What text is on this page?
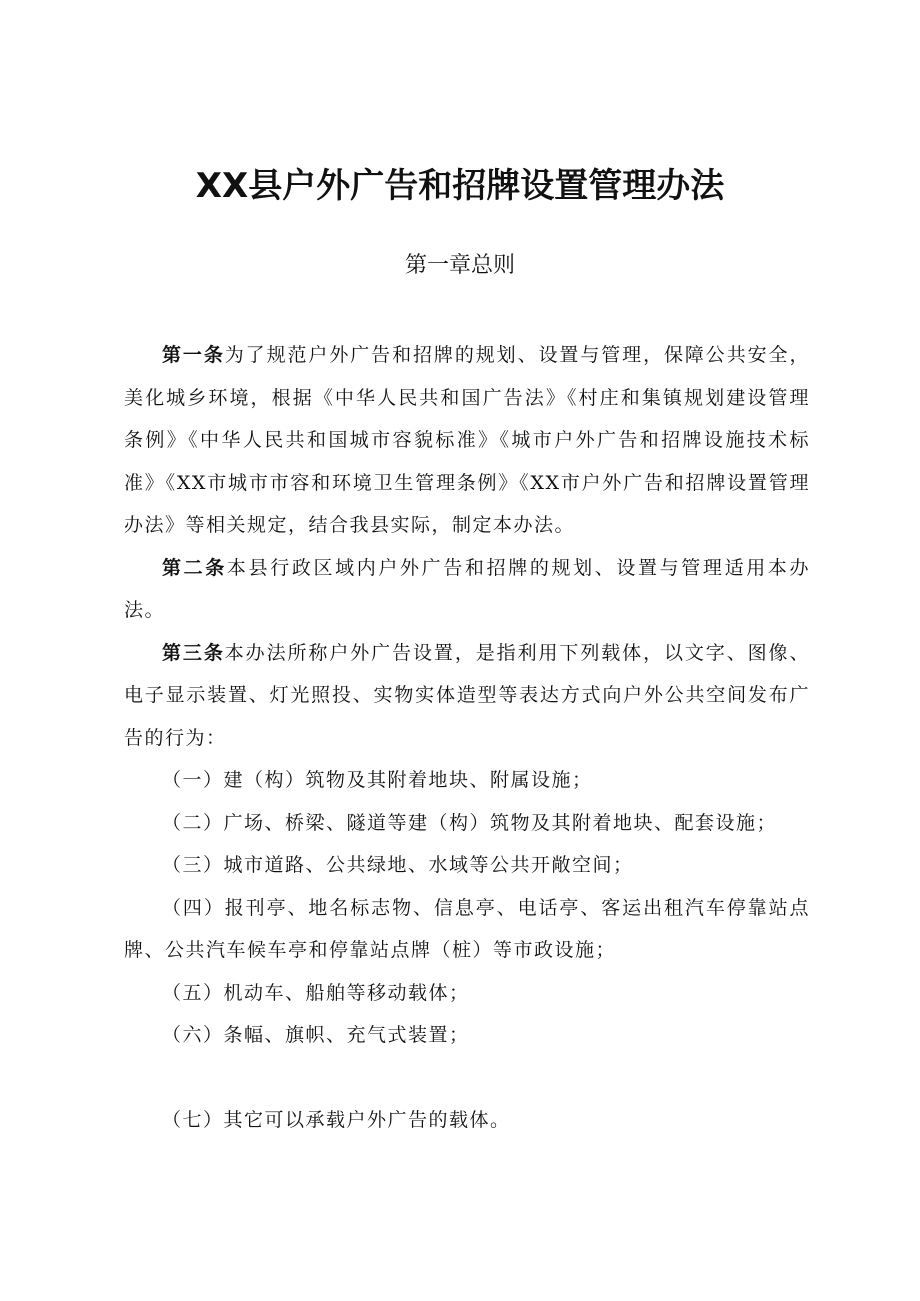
XX县户外广告和招牌设置管理办法
第一章总则

第一条为了规范户外广告和招牌的规划、设置与管理，保障公共安全，美化城乡环境，根据《中华人民共和国广告法》《村庄和集镇规划建设管理条例》《中华人民共和国城市容貌标准》《城市户外广告和招牌设施技术标准》《XX市城市市容和环境卫生管理条例》《XX市户外广告和招牌设置管理办法》等相关规定，结合我县实际，制定本办法。

第二条本县行政区域内户外广告和招牌的规划、设置与管理适用本办法。

第三条本办法所称户外广告设置，是指利用下列载体，以文字、图像、电子显示装置、灯光照投、实物实体造型等表达方式向户外公共空间发布广告的行为：

（一）建（构）筑物及其附着地块、附属设施；

（二）广场、桥梁、隧道等建（构）筑物及其附着地块、配套设施；

（三）城市道路、公共绿地、水域等公共开敞空间；

（四）报刊亭、地名标志物、信息亭、电话亭、客运出租汽车停靠站点牌、公共汽车候车亭和停靠站点牌（桩）等市政设施；

（五）机动车、船舶等移动载体；

（六）条幅、旗帜、充气式装置；

（七）其它可以承载户外广告的载体。
